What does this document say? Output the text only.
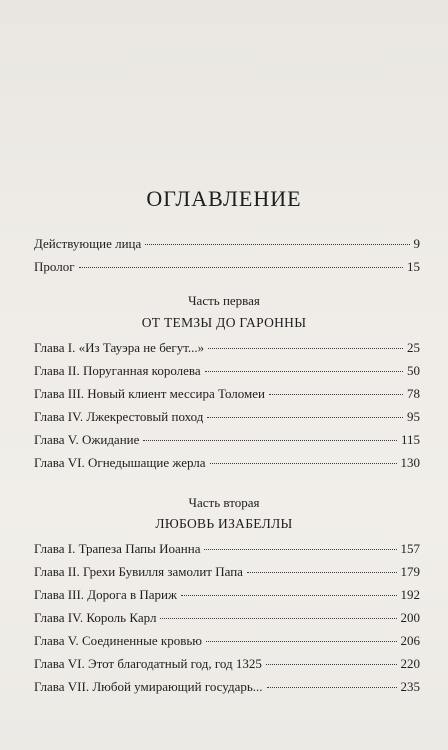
ОГЛАВЛЕНИЕ
Действующие лица	9
Пролог	15
Часть первая
ОТ ТЕМЗЫ ДО ГАРОННЫ
Глава I. «Из Тауэра не бегут...»	25
Глава II. Поруганная королева	50
Глава III. Новый клиент мессира Толомеи	78
Глава IV. Лжекрестовый поход	95
Глава V. Ожидание	115
Глава VI. Огнедышащие жерла	130
Часть вторая
ЛЮБОВЬ ИЗАБЕЛЛЫ
Глава I. Трапеза Папы Иоанна	157
Глава II. Грехи Бувилля замолит Папа	179
Глава III. Дорога в Париж	192
Глава IV. Король Карл	200
Глава V. Соединенные кровью	206
Глава VI. Этот благодатный год, год 1325	220
Глава VII. Любой умирающий государь...	235
